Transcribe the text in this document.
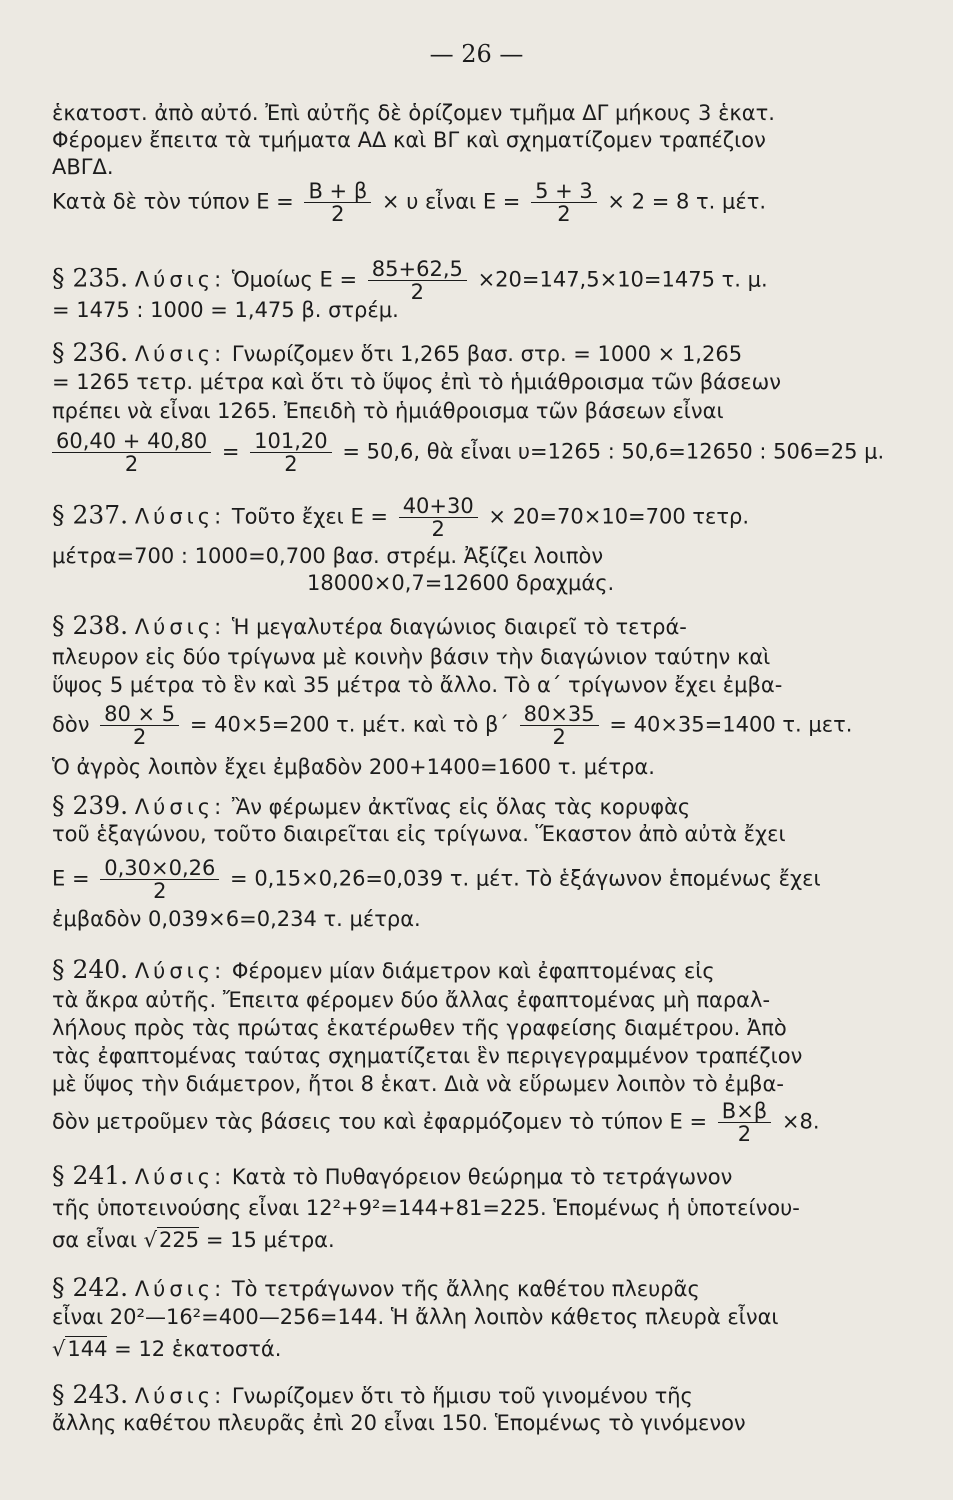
— 26 —
ἑκατοστ. ἀπὸ αὐτό. Ἐπὶ αὐτῆς δὲ ὁρίζομεν τμῆμα ΔΓ μήκους 3 ἑκατ.
Φέρομεν ἔπειτα τὰ τμήματα ΑΔ καὶ ΒΓ καὶ σχηματίζομεν τραπέζιον
ΑΒΓΔ.
Κατὰ δὲ τὸν τύπον $E = \frac{B + \beta}{2} \times \upsilon$ εἶναι $E = \frac{5 + 3}{2} \times 2 = 8$ τ. μέτ.
§ 235. Λύσις: Ὁμοίως $E = \frac{85+62,5}{2} \times 20=147,5\times 10=1475$ τ. μ.
= 1475 : 1000 = 1,475 β. στρέμ.
§ 236. Λύσις: Γνωρίζομεν ὅτι 1,265 βασ. στρ. = 1000 × 1,265
= 1265 τετρ. μέτρα καὶ ὅτι τὸ ὕψος ἐπὶ τὸ ἡμιάθροισμα τῶν βάσεων
πρέπει νὰ εἶναι 1265. Ἐπειδὴ τὸ ἡμιάθροισμα τῶν βάσεων εἶναι
$\frac{60,40 + 40,80}{2} = \frac{101,20}{2} = 50,6$, θὰ εἶναι υ=1265 : 50,6=12650 : 506=25 μ.
§ 237. Λύσις: Τοῦτο ἔχει $E = \frac{40+30}{2} \times 20=70\times 10=700$ τετρ.
μέτρα=700 : 1000=0,700 βασ. στρέμ. Ἀξίζει λοιπὸν
18000×0,7=12600 δραχμάς.
§ 238. Λύσις: Ἡ μεγαλυτέρα διαγώνιος διαιρεῖ τὸ τετρά-
πλευρον εἰς δύο τρίγωνα μὲ κοινὴν βάσιν τὴν διαγώνιον ταύτην καὶ
ὕψος 5 μέτρα τὸ ἓν καὶ 35 μέτρα τὸ ἄλλο. Τὸ α΄ τρίγωνον ἔχει ἐμβα-
δὸν $\frac{80 \times 5}{2} = 40\times 5=200$ τ. μέτ. καὶ τὸ $\beta΄ \frac{80\times 35}{2} = 40\times 35=1400$ τ. μετ.
Ὁ ἀγρὸς λοιπὸν ἔχει ἐμβαδὸν 200+1400=1600 τ. μέτρα.
§ 239. Λύσις: Ἂν φέρωμεν ἀκτῖνας εἰς ὅλας τὰς κορυφὰς
τοῦ ἑξαγώνου, τοῦτο διαιρεῖται εἰς τρίγωνα. Ἕκαστον ἀπὸ αὐτὰ ἔχει
$E = \frac{0,30\times 0,26}{2} = 0,15\times 0,26=0,039$ τ. μέτ. Τὸ ἑξάγωνον ἑπομένως ἔχει
ἐμβαδὸν 0,039×6=0,234 τ. μέτρα.
§ 240. Λύσις: Φέρομεν μίαν διάμετρον καὶ ἐφαπτομένας εἰς
τὰ ἄκρα αὐτῆς. Ἔπειτα φέρομεν δύο ἄλλας ἐφαπτομένας μὴ παραλ-
λήλους πρὸς τὰς πρώτας ἑκατέρωθεν τῆς γραφείσης διαμέτρου. Ἀπὸ
τὰς ἐφαπτομένας ταύτας σχηματίζεται ἓν περιγεγραμμένον τραπέζιον
μὲ ὕψος τὴν διάμετρον, ἤτοι 8 ἑκατ. Διὰ νὰ εὕρωμεν λοιπὸν τὸ ἐμβα-
δὸν μετροῦμεν τὰς βάσεις του καὶ ἐφαρμόζομεν τὸ τύπον $E = \frac{B\times\beta}{2} \times 8$.
§ 241. Λύσις: Κατὰ τὸ Πυθαγόρειον θεώρημα τὸ τετράγωνον
τῆς ὑποτεινούσης εἶναι 12²+9²=144+81=225. Ἑπομένως ἡ ὑποτείνου-
σα εἶναι √225 = 15 μέτρα.
§ 242. Λύσις: Τὸ τετράγωνον τῆς ἄλλης καθέτου πλευρᾶς
εἶναι 20²—16²=400—256=144. Ἡ ἄλλη λοιπὸν κάθετος πλευρὰ εἶναι
√144 = 12 ἑκατοστά.
§ 243. Λύσις: Γνωρίζομεν ὅτι τὸ ἥμισυ τοῦ γινομένου τῆς
ἄλλης καθέτου πλευρᾶς ἐπὶ 20 εἶναι 150. Ἑπομένως τὸ γινόμενον
